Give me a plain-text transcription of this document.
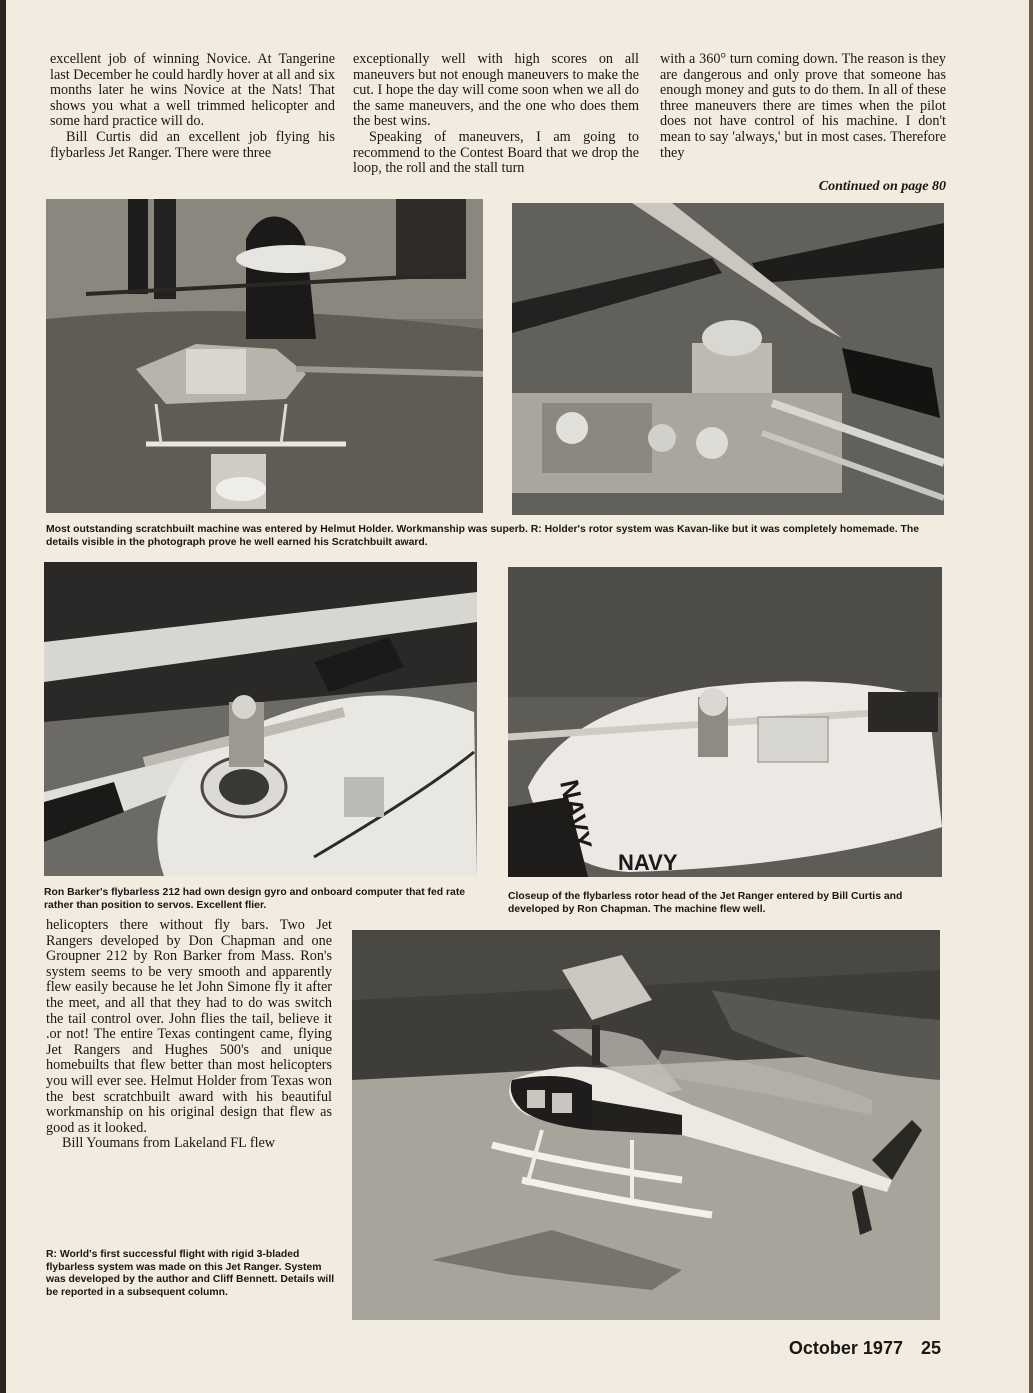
excellent job of winning Novice. At Tangerine last December he could hardly hover at all and six months later he wins Novice at the Nats! That shows you what a well trimmed helicopter and some hard practice will do.

Bill Curtis did an excellent job flying his flybarless Jet Ranger. There were three

exceptionally well with high scores on all maneuvers but not enough maneuvers to make the cut. I hope the day will come soon when we all do the same maneuvers, and the one who does them the best wins.

Speaking of maneuvers, I am going to recommend to the Contest Board that we drop the loop, the roll and the stall turn

with a 360° turn coming down. The reason is they are dangerous and only prove that someone has enough money and guts to do them. In all of these three maneuvers there are times when the pilot does not have control of his machine. I don't mean to say 'always,' but in most cases. Therefore they

Continued on page 80
Most outstanding scratchbuilt machine was entered by Helmut Holder. Workmanship was superb. R: Holder's rotor system was Kavan-like but it was completely homemade. The details visible in the photograph prove he well earned his Scratchbuilt award.
NAVY
NAVY
Ron Barker's flybarless 212 had own design gyro and onboard computer that fed rate rather than position to servos. Excellent flier.
Closeup of the flybarless rotor head of the Jet Ranger entered by Bill Curtis and developed by Ron Chapman. The machine flew well.

helicopters there without fly bars. Two Jet Rangers developed by Don Chapman and one Groupner 212 by Ron Barker from Mass. Ron's system seems to be very smooth and apparently flew easily because he let John Simone fly it after the meet, and all that they had to do was switch the tail control over. John flies the tail, believe it .or not! The entire Texas contingent came, flying Jet Rangers and Hughes 500's and unique homebuilts that flew better than most helicopters you will ever see. Helmut Holder from Texas won the best scratchbuilt award with his beautiful workmanship on his original design that flew as good as it looked.

Bill Youmans from Lakeland FL flew

R: World's first successful flight with rigid 3-bladed flybarless system was made on this Jet Ranger. System was developed by the author and Cliff Bennett. Details will be reported in a subsequent column.
October 1977 25
